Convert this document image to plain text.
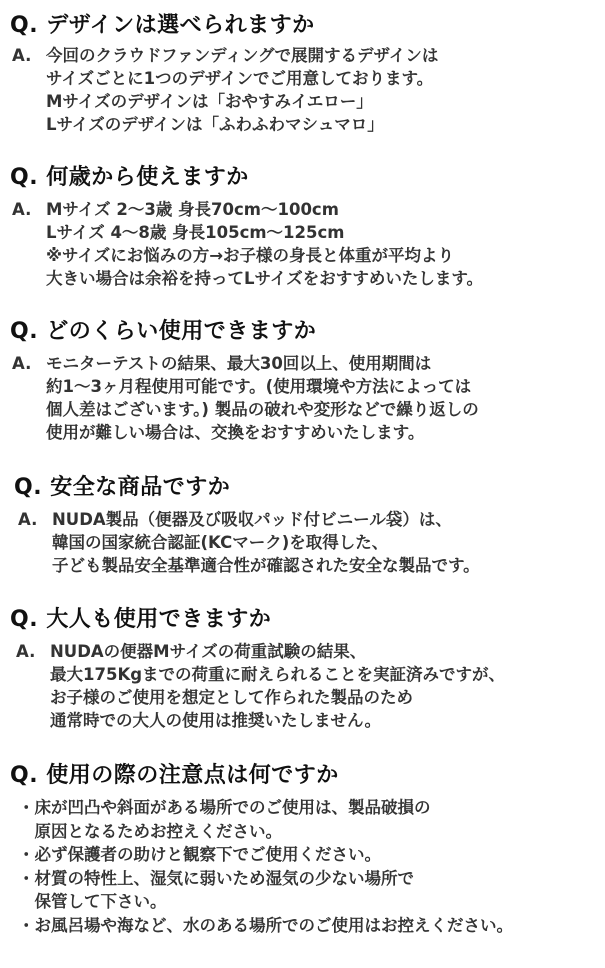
Q. デザインは選べられますか
A. 今回のクラウドファンディングで展開するデザインは
サイズごとに1つのデザインでご用意しております。
Mサイズのデザインは「おやすみイエロー」
Lサイズのデザインは「ふわふわマシュマロ」
Q. 何歳から使えますか
A. Mサイズ 2～3歳 身長70cm～100cm
Lサイズ 4～8歳 身長105cm～125cm
※サイズにお悩みの方→お子様の身長と体重が平均より
大きい場合は余裕を持ってLサイズをおすすめいたします。
Q. どのくらい使用できますか
A. モニターテストの結果、最大30回以上、使用期間は
約1～3ヶ月程使用可能です。(使用環境や方法によっては
個人差はございます。) 製品の破れや変形などで繰り返しの
使用が難しい場合は、交換をおすすめいたします。
Q. 安全な商品ですか
A. NUDA製品（便器及び吸収パッド付ビニール袋）は、
韓国の国家統合認証(KCマーク)を取得した、
子ども製品安全基準適合性が確認された安全な製品です。
Q. 大人も使用できますか
A. NUDAの便器Mサイズの荷重試験の結果、
最大175Kgまでの荷重に耐えられることを実証済みですが、
お子様のご使用を想定として作られた製品のため
通常時での大人の使用は推奨いたしません。
Q. 使用の際の注意点は何ですか
・床が凹凸や斜面がある場所でのご使用は、製品破損の
　原因となるためお控えください。
・必ず保護者の助けと観察下でご使用ください。
・材質の特性上、湿気に弱いため湿気の少ない場所で
　保管して下さい。
・お風呂場や海など、水のある場所でのご使用はお控えください。
